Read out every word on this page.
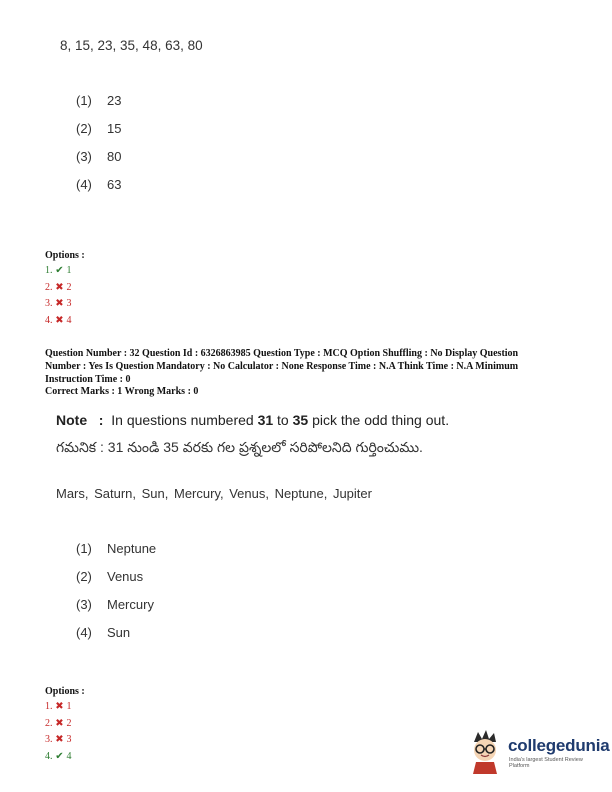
8, 15, 23, 35, 48, 63, 80
(1) 23
(2) 15
(3) 80
(4) 63
Options :
1. ✔ 1
2. ✖ 2
3. ✖ 3
4. ✖ 4
Question Number : 32 Question Id : 6326863985 Question Type : MCQ Option Shuffling : No Display Question
Number : Yes Is Question Mandatory : No Calculator : None Response Time : N.A Think Time : N.A Minimum
Instruction Time : 0
Correct Marks : 1 Wrong Marks : 0
Note : In questions numbered 31 to 35 pick the odd thing out.
గమనిక : 31 నుండి 35 వరకు గల ప్రశ్నలలో సరిపోలనిది గుర్తించుము.
Mars, Saturn, Sun, Mercury, Venus, Neptune, Jupiter
(1) Neptune
(2) Venus
(3) Mercury
(4) Sun
Options :
1. ✖ 1
2. ✖ 2
3. ✖ 3
4. ✔ 4
collegedunia
India's largest Student Review Platform
